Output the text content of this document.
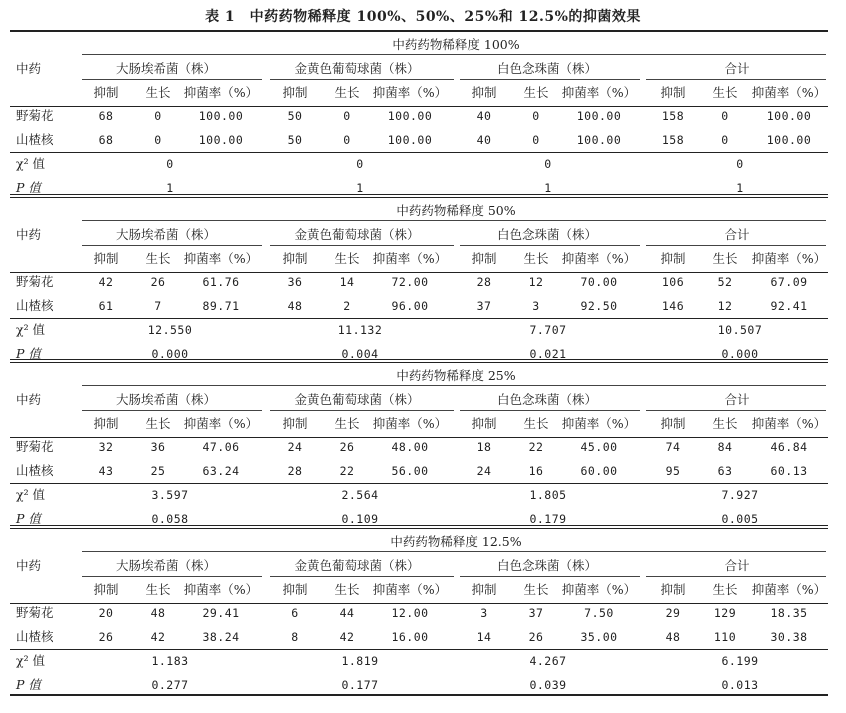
表 1　中药药物稀释度 100%、50%、25%和 12.5%的抑菌效果
中药药物稀释度 100%
中药	大肠埃希菌（株）
抑制	生长	抑菌率（%）
金黄色葡萄球菌（株）
抑制	生长	抑菌率（%）
白色念珠菌（株）
抑制	生长	抑菌率（%）
合计
抑制	生长	抑菌率（%）
野菊花	68	0	100.00	50	0	100.00	40	0	100.00	158	0	100.00
山楂核	68	0	100.00	50	0	100.00	40	0	100.00	158	0	100.00
χ² 值	0	0	0	0
P 值	1	1	1	1
中药药物稀释度 50%
中药	大肠埃希菌（株）
抑制	生长	抑菌率（%）
金黄色葡萄球菌（株）
抑制	生长	抑菌率（%）
白色念珠菌（株）
抑制	生长	抑菌率（%）
合计
抑制	生长	抑菌率（%）
野菊花	42	26	61.76	36	14	72.00	28	12	70.00	106	52	67.09
山楂核	61	7	89.71	48	2	96.00	37	3	92.50	146	12	92.41
χ² 值	12.550	11.132	7.707	10.507
P 值	0.000	0.004	0.021	0.000
中药药物稀释度 25%
中药	大肠埃希菌（株）
抑制	生长	抑菌率（%）
金黄色葡萄球菌（株）
抑制	生长	抑菌率（%）
白色念珠菌（株）
抑制	生长	抑菌率（%）
合计
抑制	生长	抑菌率（%）
野菊花	32	36	47.06	24	26	48.00	18	22	45.00	74	84	46.84
山楂核	43	25	63.24	28	22	56.00	24	16	60.00	95	63	60.13
χ² 值	3.597	2.564	1.805	7.927
P 值	0.058	0.109	0.179	0.005
中药药物稀释度 12.5%
中药	大肠埃希菌（株）
抑制	生长	抑菌率（%）
金黄色葡萄球菌（株）
抑制	生长	抑菌率（%）
白色念珠菌（株）
抑制	生长	抑菌率（%）
合计
抑制	生长	抑菌率（%）
野菊花	20	48	29.41	6	44	12.00	3	37	7.50	29	129	18.35
山楂核	26	42	38.24	8	42	16.00	14	26	35.00	48	110	30.38
χ² 值	1.183	1.819	4.267	6.199
P 值	0.277	0.177	0.039	0.013
